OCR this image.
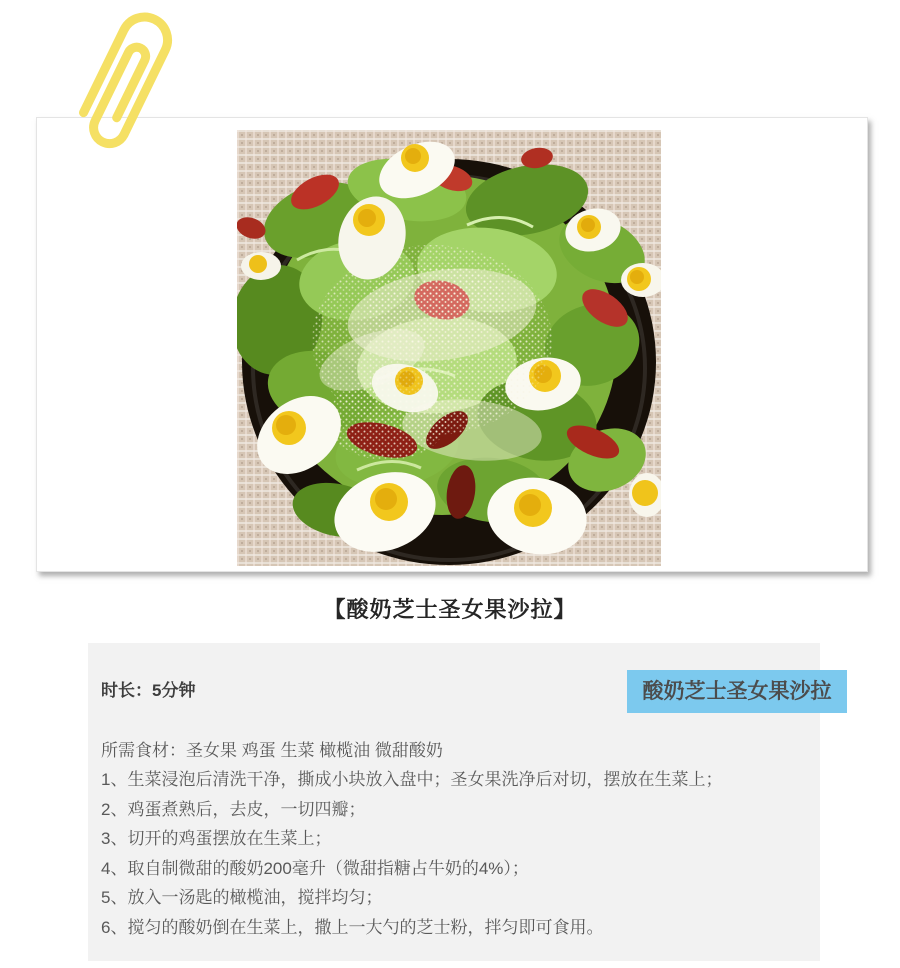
【酸奶芝士圣女果沙拉】
时长：5分钟	酸奶芝士圣女果沙拉
所需食材：圣女果 鸡蛋 生菜 橄榄油 微甜酸奶
1、生菜浸泡后清洗干净，撕成小块放入盘中；圣女果洗净后对切，摆放在生菜上；
2、鸡蛋煮熟后，去皮，一切四瓣；
3、切开的鸡蛋摆放在生菜上；
4、取自制微甜的酸奶200毫升（微甜指糖占牛奶的4%）；
5、放入一汤匙的橄榄油，搅拌均匀；
6、搅匀的酸奶倒在生菜上，撒上一大勺的芝士粉，拌匀即可食用。
